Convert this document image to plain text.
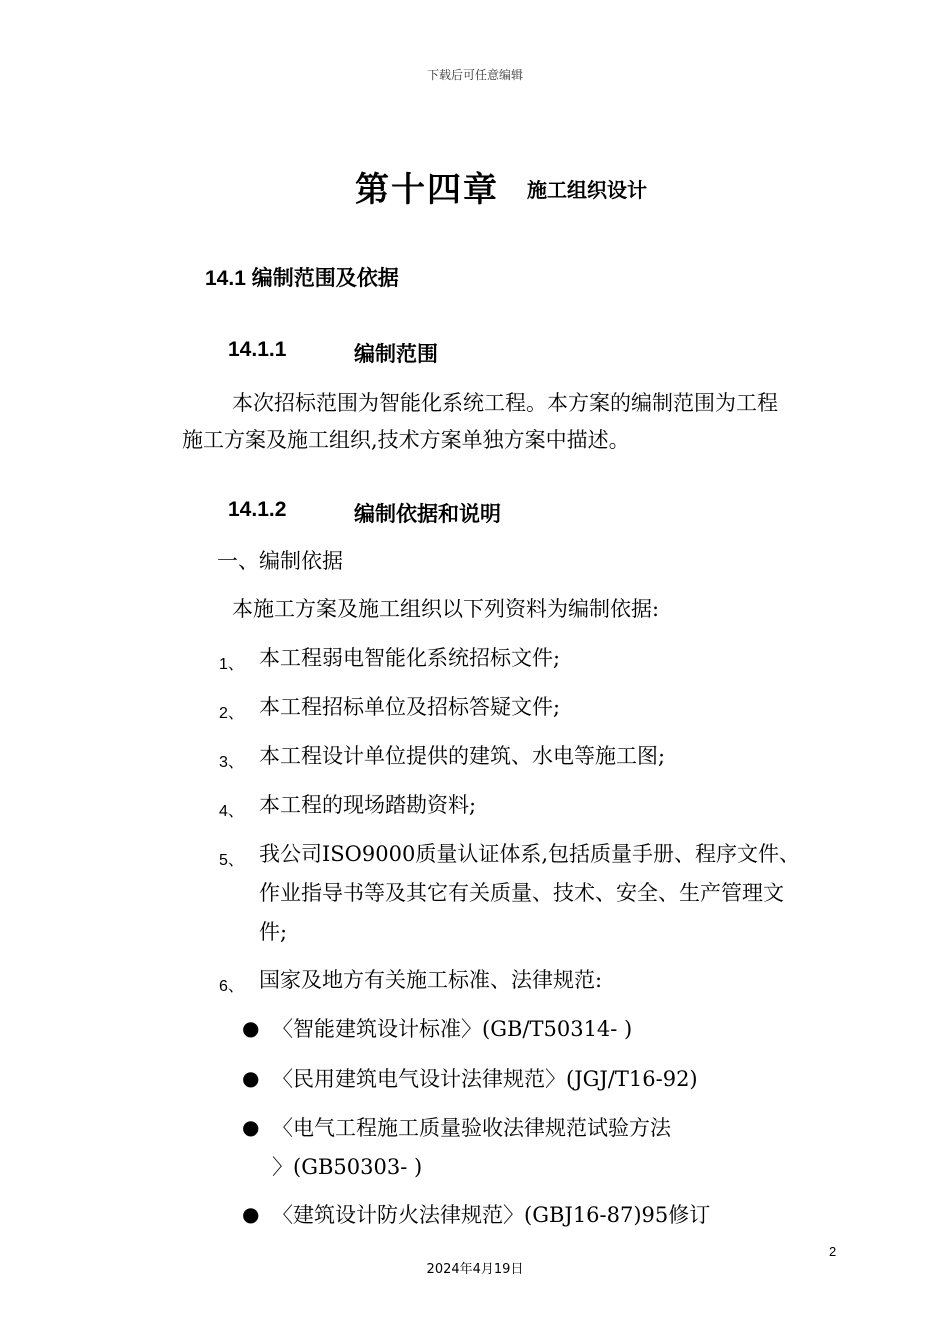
下载后可任意编辑
第十四章 施工组织设计
14.1 编制范围及依据
14.1.1	编制范围
本次招标范围为智能化系统工程。本方案的编制范围为工程
施工方案及施工组织,技术方案单独方案中描述。
14.1.2	编制依据和说明
一、编制依据
本施工方案及施工组织以下列资料为编制依据:
1、 本工程弱电智能化系统招标文件;
2、 本工程招标单位及招标答疑文件;
3、 本工程设计单位提供的建筑、水电等施工图;
4、 本工程的现场踏勘资料;
5、 我公司ISO9000质量认证体系,包括质量手册、程序文件、
作业指导书等及其它有关质量、技术、安全、生产管理文
件;
6、 国家及地方有关施工标准、法律规范:
● 〈智能建筑设计标准〉(GB/T50314- )
● 〈民用建筑电气设计法律规范〉(JGJ/T16-92)
● 〈电气工程施工质量验收法律规范试验方法
〉(GB50303- )
● 〈建筑设计防火法律规范〉(GBJ16-87)95修订
2
2024年4月19日
